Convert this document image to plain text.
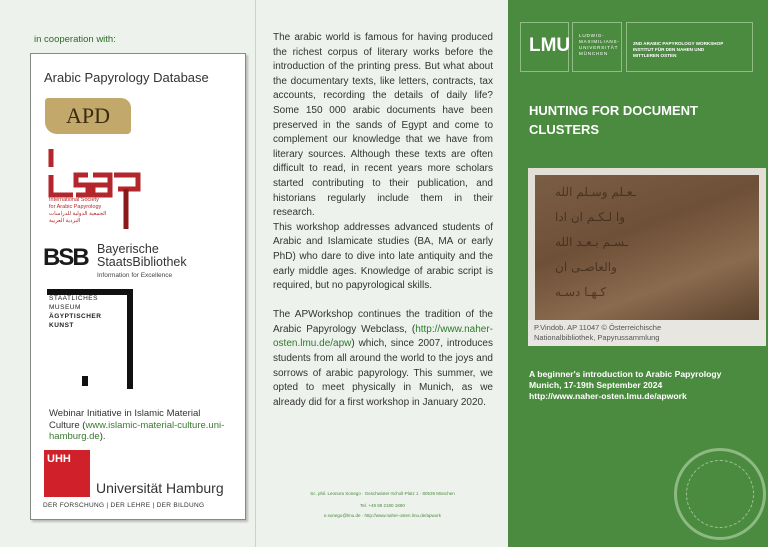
in cooperation with:
Arabic Papyrology Database
APD
International Society
for Arabic Papyrology
الجمعية الدولية للدراسات
البردية العربية
BSB Bayerische
StaatsBibliothek
Information for Excellence
STAATLICHES
MUSEUM
ÄGYPTISCHER
KUNST
Webinar Initiative in Islamic Material Culture (www.islamic-material-culture.uni-hamburg.de).
UHH
Universität Hamburg
DER FORSCHUNG | DER LEHRE | DER BILDUNG

The arabic world is famous for having produced the richest corpus of literary works before the introduction of the printing press. But what about the documentary texts, like letters, contracts, tax accounts, recording the details of daily life? Some 150 000 arabic documents have been preserved in the sands of Egypt and come to complement our knowledge that we have from literary sources. Although these texts are often difficult to read, in recent years more scholars started contributing to their publication, and historians regularly include them in their research.
This workshop addresses advanced students of Arabic and Islamicate studies (BA, MA or early PhD) who dare to dive into late antiquity and the early middle ages. Knowledge of arabic script is required, but no papyrological skills.

The APWorkshop continues the tradition of the Arabic Papyrology Webclass, (http://www.naher-osten.lmu.de/apw) which, since 2007, introduces students from all around the world to the joys and sorrows of arabic papyrology. This summer, we opted to meet physically in Munich, as we already did for a first workshop in January 2020.

Sc. phil. Leonora Sonego · Geschwister-Scholl-Platz 1 · 80539 München
Tel. +49 89 2180 1880
e.sonego@lmu.de · http://www.naher-osten.lmu.de/apwork
LMU LUDWIG-
MAXIMILIANS-
UNIVERSITÄT
MÜNCHEN
2ND ARABIC PAPYROLOGY WORKSHOP
INSTITUT FÜR DEN NAHEN UND
MITTLEREN OSTEN
HUNTING FOR DOCUMENT
CLUSTERS
ـعـلم وسـلم الله
وا لـكـم ان ادا
ـسـم بـعـد الله
والعاصـى ان
كـهـا دسـه
P.Vindob. AP 11047 © Österreichische
Nationalbibliothek, Papyrussammlung
A beginner's introduction to Arabic Papyrology
Munich, 17-19th September 2024
http://www.naher-osten.lmu.de/apwork
